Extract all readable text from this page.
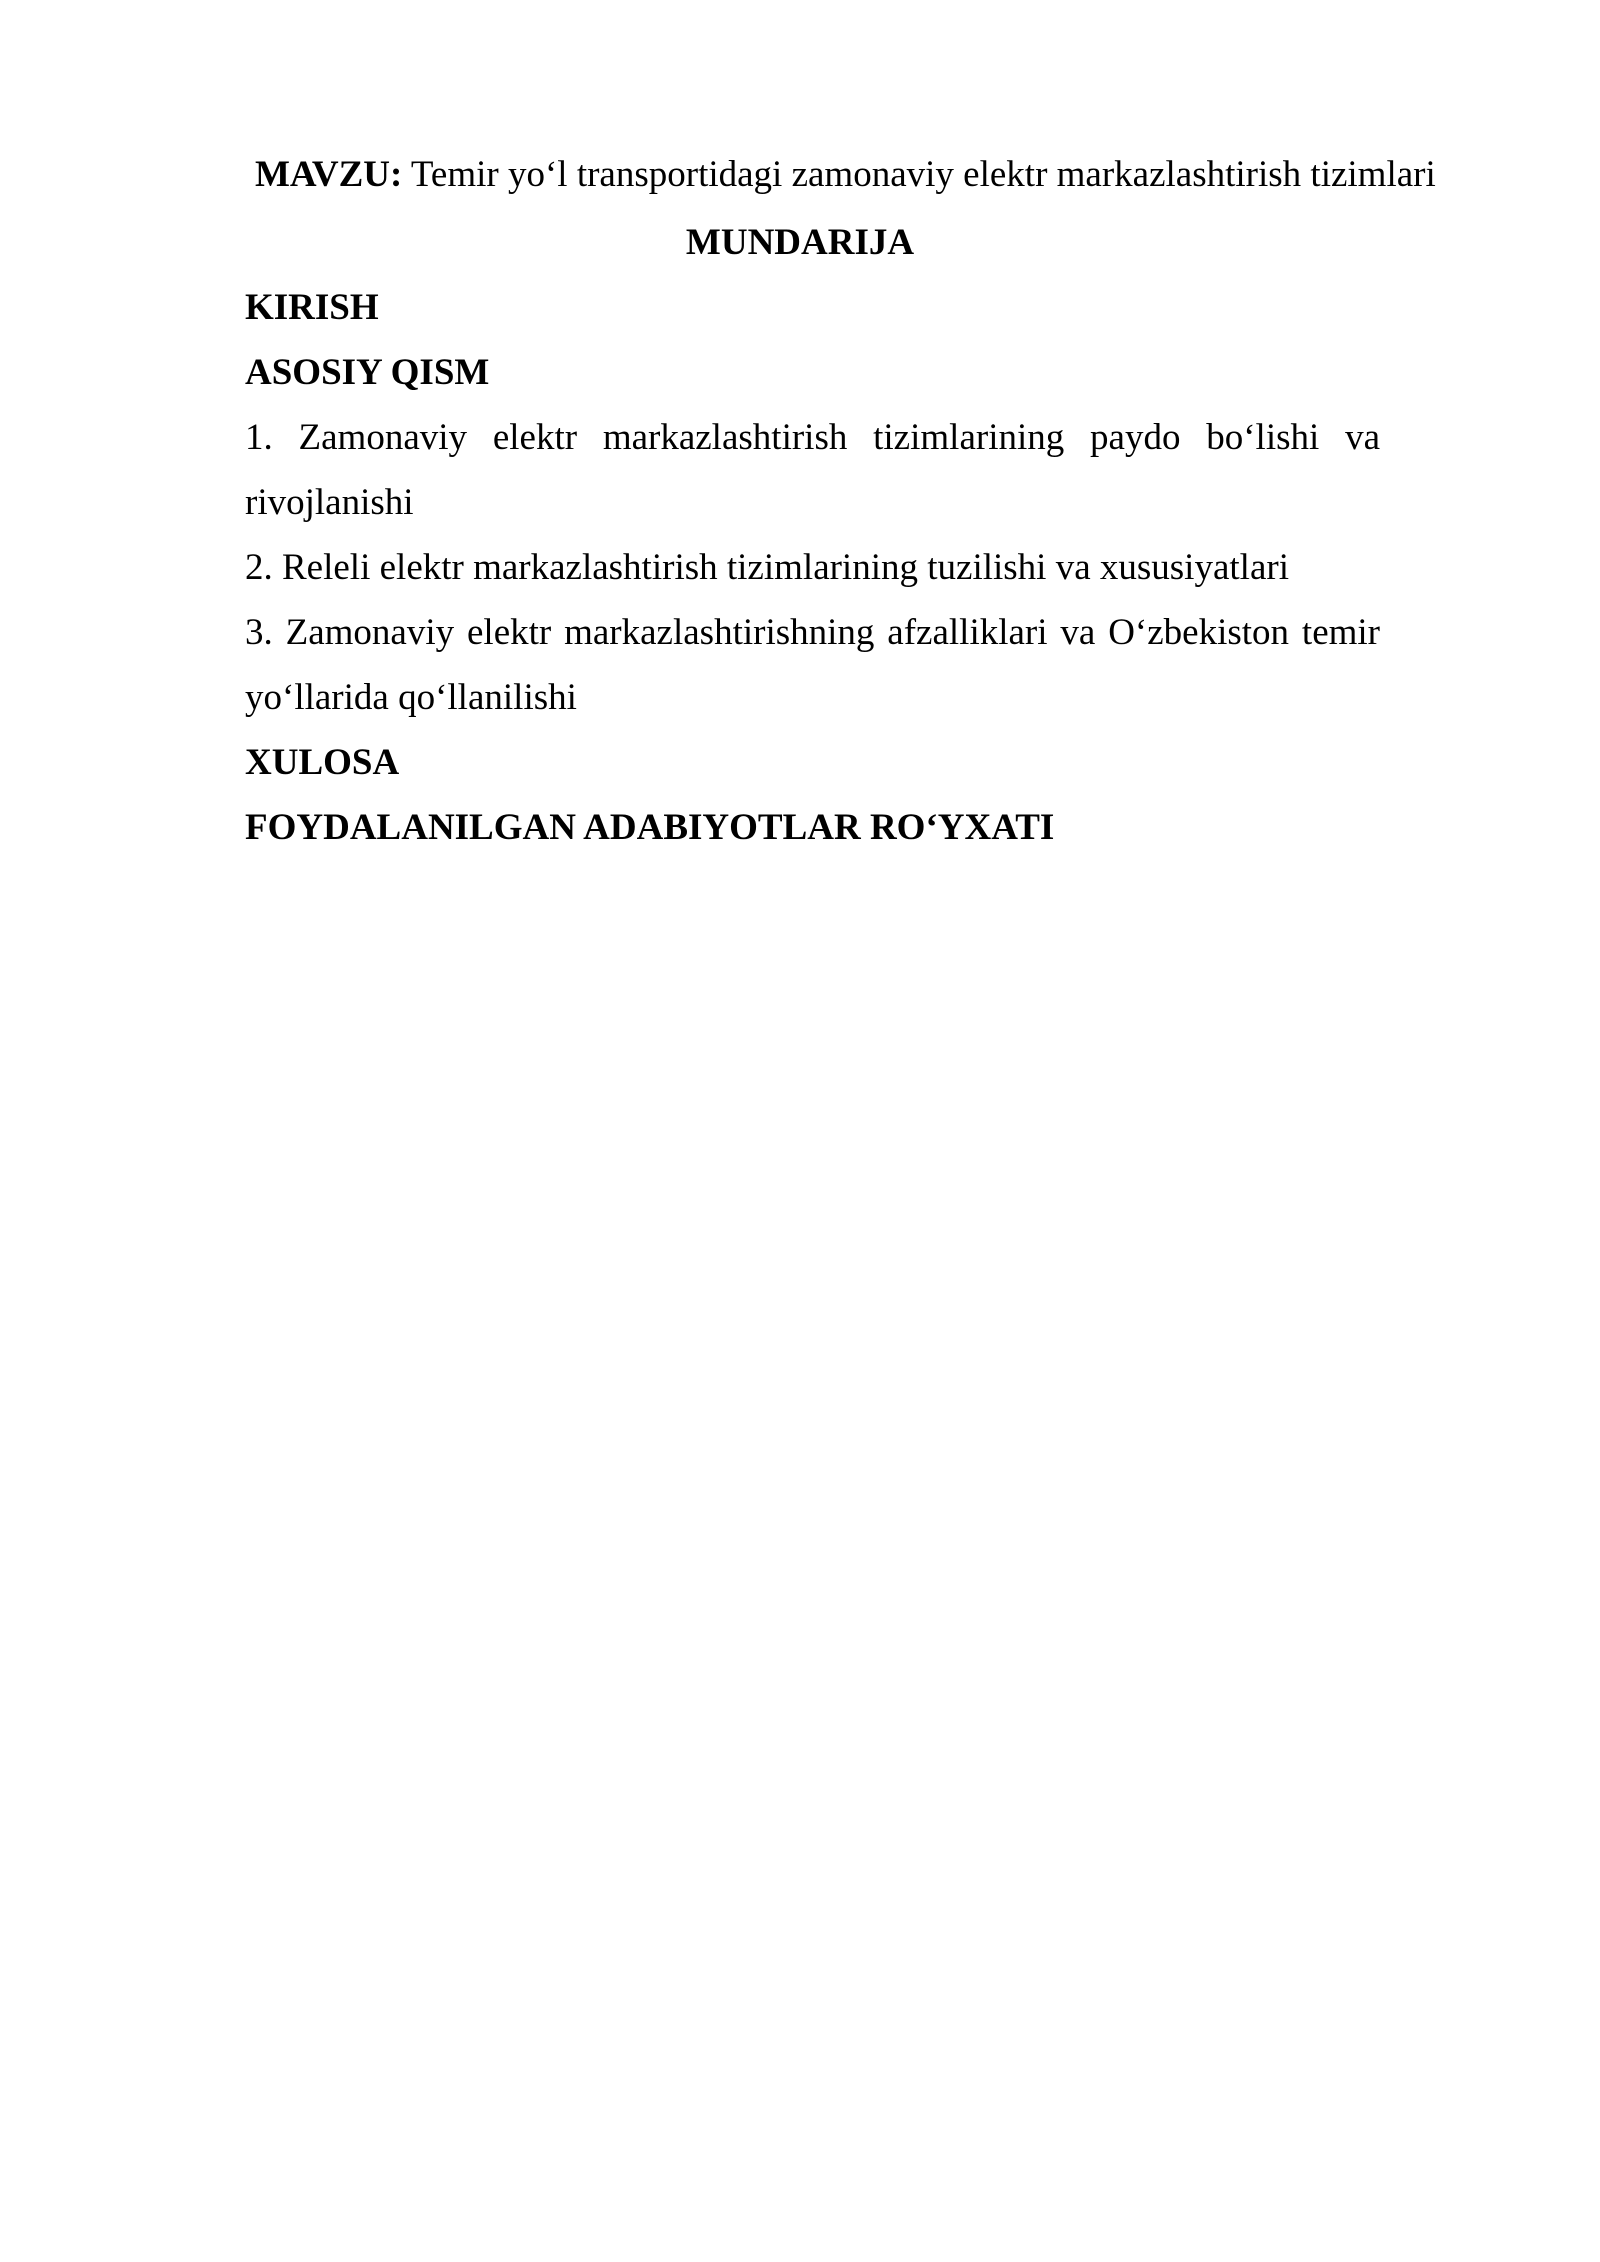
MAVZU: Temir yo‘l transportidagi zamonaviy elektr markazlashtirish tizimlari
MUNDARIJA

KIRISH

ASOSIY QISM

1. Zamonaviy elektr markazlashtirish tizimlarining paydo bo‘lishi va rivojlanishi

2. Releli elektr markazlashtirish tizimlarining tuzilishi va xususiyatlari

3. Zamonaviy elektr markazlashtirishning afzalliklari va O‘zbekiston temir yo‘llarida qo‘llanilishi

XULOSA

FOYDALANILGAN ADABIYOTLAR RO‘YXATI
